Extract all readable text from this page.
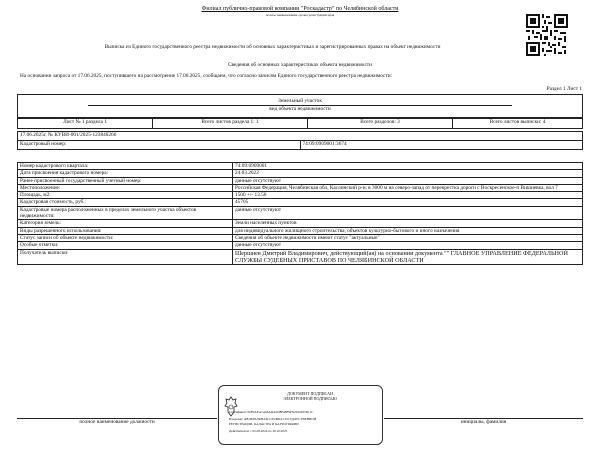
Филиал публично-правовой компании "Роскадастр" по Челябинской области
полное наименование органа регистрации прав
Выписка из Единого государственного реестра недвижимости об основных характеристиках и зарегистрированных правах на объект недвижимости
Сведения об основных характеристиках объекта недвижимости
На основании запроса от 17.06.2025, поступившего на рассмотрение 17.06.2025, сообщаем, что согласно записям Единого государственного реестра недвижимости:
Раздел 1 Лист 1
Земельный участок
вид объекта недвижимости
Лист № 1 раздела 1	Всего листов раздела 1: 1	Всего разделов: 3	Всего листов выписки: 4
17.06.2025г. № КУВИ-001/2025-123840266
Кадастровый номер:	74:09:0909001:3674
Номер кадастрового квартала:	74:09:0909001
Дата присвоения кадастрового номера:	24.03.2022
Ранее присвоенный государственный учетный номер:	данные отсутствуют
Местоположение:	Российская Федерация, Челябинская обл, Каслинский р-н, в 3000 м на северо-запад от перекрестка дороги с Воскресенское-п Вишневка, вол 7
Площадь, м2:	1500 +/- 13.56
Кадастровая стоимость, руб.:	45705
Кадастровые номера расположенных в пределах земельного участка объектов недвижимости:	данные отсутствуют
Категория земель:	Земли населенных пунктов
Виды разрешенного использования:	для индивидуального жилищного строительства, объектов культурно-бытового и иного назначения
Статус записи об объекте недвижимости:	Сведения об объекте недвижимости имеют статус "актуальные"
Особые отметки:	данные отсутствуют
Получатель выписки:	Шершнев Дмитрий Владимирович, действующий(ая) на основании документа "" ГЛАВНОЕ УПРАВЛЕНИЕ ФЕДЕРАЛЬНОЙ СЛУЖБЫ СУДЕБНЫХ ПРИСТАВОВ ПО ЧЕЛЯБИНСКОЙ ОБЛАСТИ
ДОКУМЕНТ ПОДПИСАН
ЭЛЕКТРОННОЙ ПОДПИСЬЮ
Сертификат: 00F0AEA1A04ADA5D8E48F9FD20A0D5D11C
Владелец: ФЕДЕРАЛЬНАЯ СЛУЖБА ГОСУДАРСТВЕННОЙ
РЕГИСТРАЦИИ, КАДАСТРА И КАРТОГРАФИИ
Действителен: с 02.08.2024 по 26.10.2025
полное наименование должности	инициалы, фамилия
